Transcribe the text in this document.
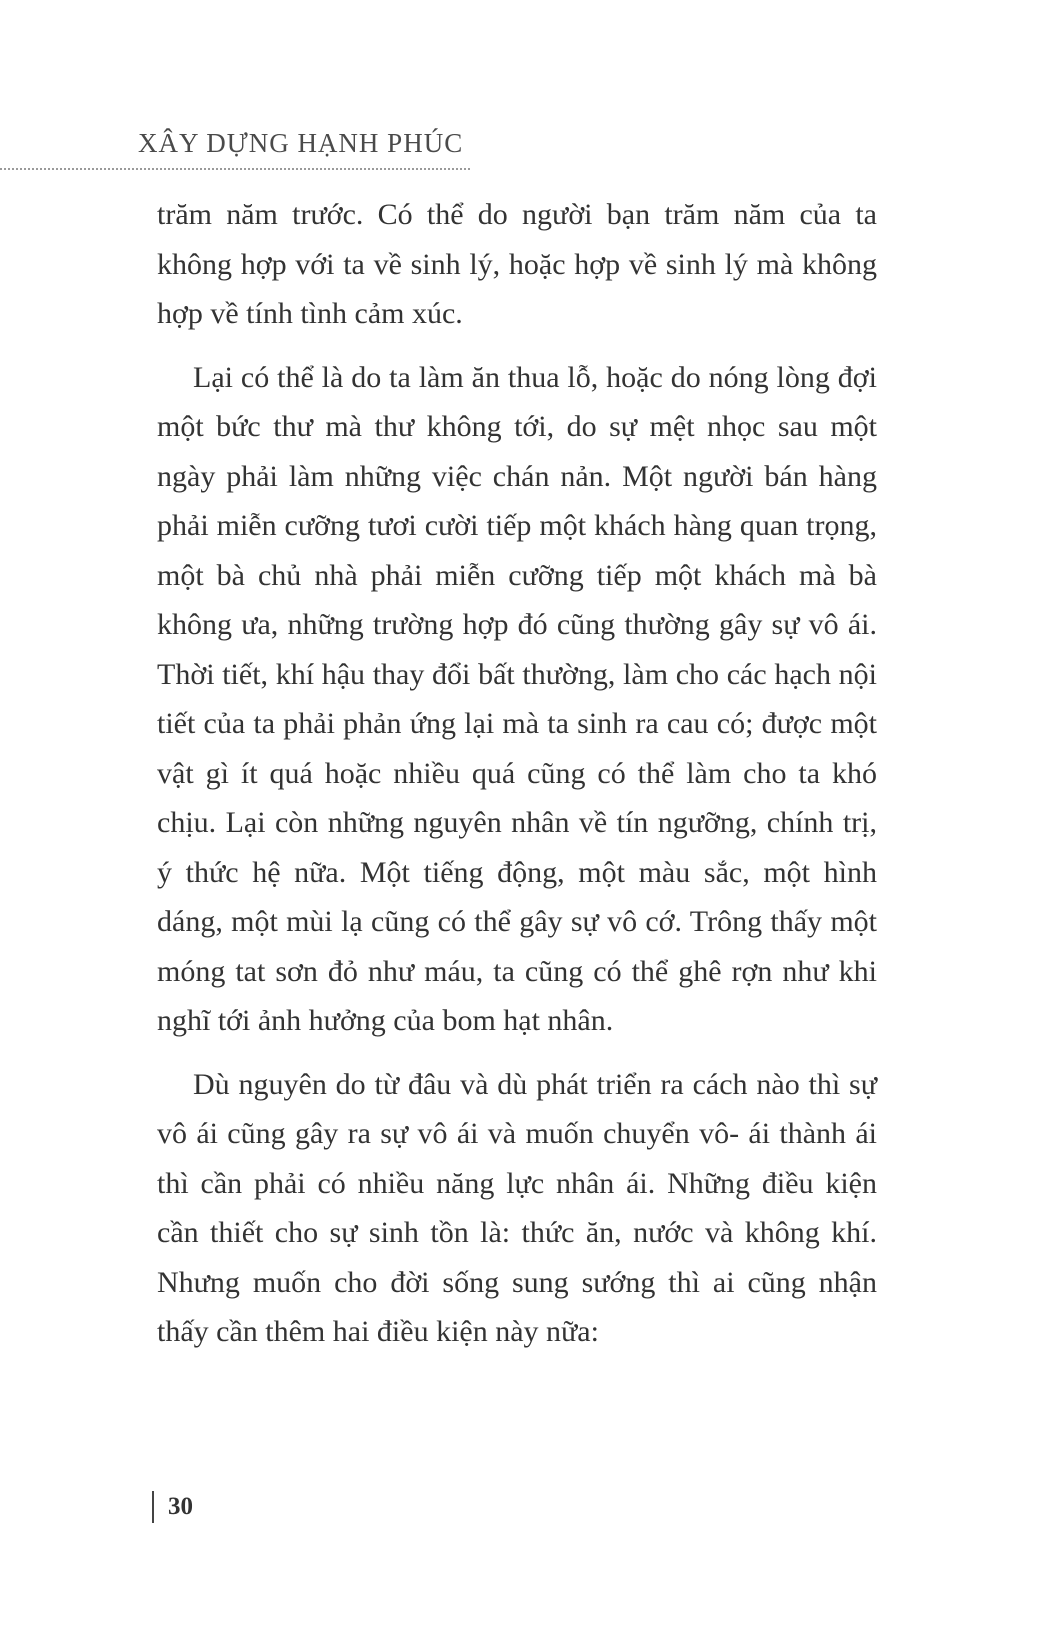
XÂY DỰNG HẠNH PHÚC

trăm năm trước. Có thể do người bạn trăm năm của ta không hợp với ta về sinh lý, hoặc hợp về sinh lý mà không hợp về tính tình cảm xúc.

Lại có thể là do ta làm ăn thua lỗ, hoặc do nóng lòng đợi một bức thư mà thư không tới, do sự mệt nhọc sau một ngày phải làm những việc chán nản. Một người bán hàng phải miễn cưỡng tươi cười tiếp một khách hàng quan trọng, một bà chủ nhà phải miễn cưỡng tiếp một khách mà bà không ưa, những trường hợp đó cũng thường gây sự vô ái. Thời tiết, khí hậu thay đổi bất thường, làm cho các hạch nội tiết của ta phải phản ứng lại mà ta sinh ra cau có; được một vật gì ít quá hoặc nhiều quá cũng có thể làm cho ta khó chịu. Lại còn những nguyên nhân về tín ngưỡng, chính trị, ý thức hệ nữa. Một tiếng động, một màu sắc, một hình dáng, một mùi lạ cũng có thể gây sự vô cớ. Trông thấy một móng tat sơn đỏ như máu, ta cũng có thể ghê rợn như khi nghĩ tới ảnh hưởng của bom hạt nhân.

Dù nguyên do từ đâu và dù phát triển ra cách nào thì sự vô ái cũng gây ra sự vô ái và muốn chuyển vô- ái thành ái thì cần phải có nhiều năng lực nhân ái. Những điều kiện cần thiết cho sự sinh tồn là: thức ăn, nước và không khí. Nhưng muốn cho đời sống sung sướng thì ai cũng nhận thấy cần thêm hai điều kiện này nữa:

30
